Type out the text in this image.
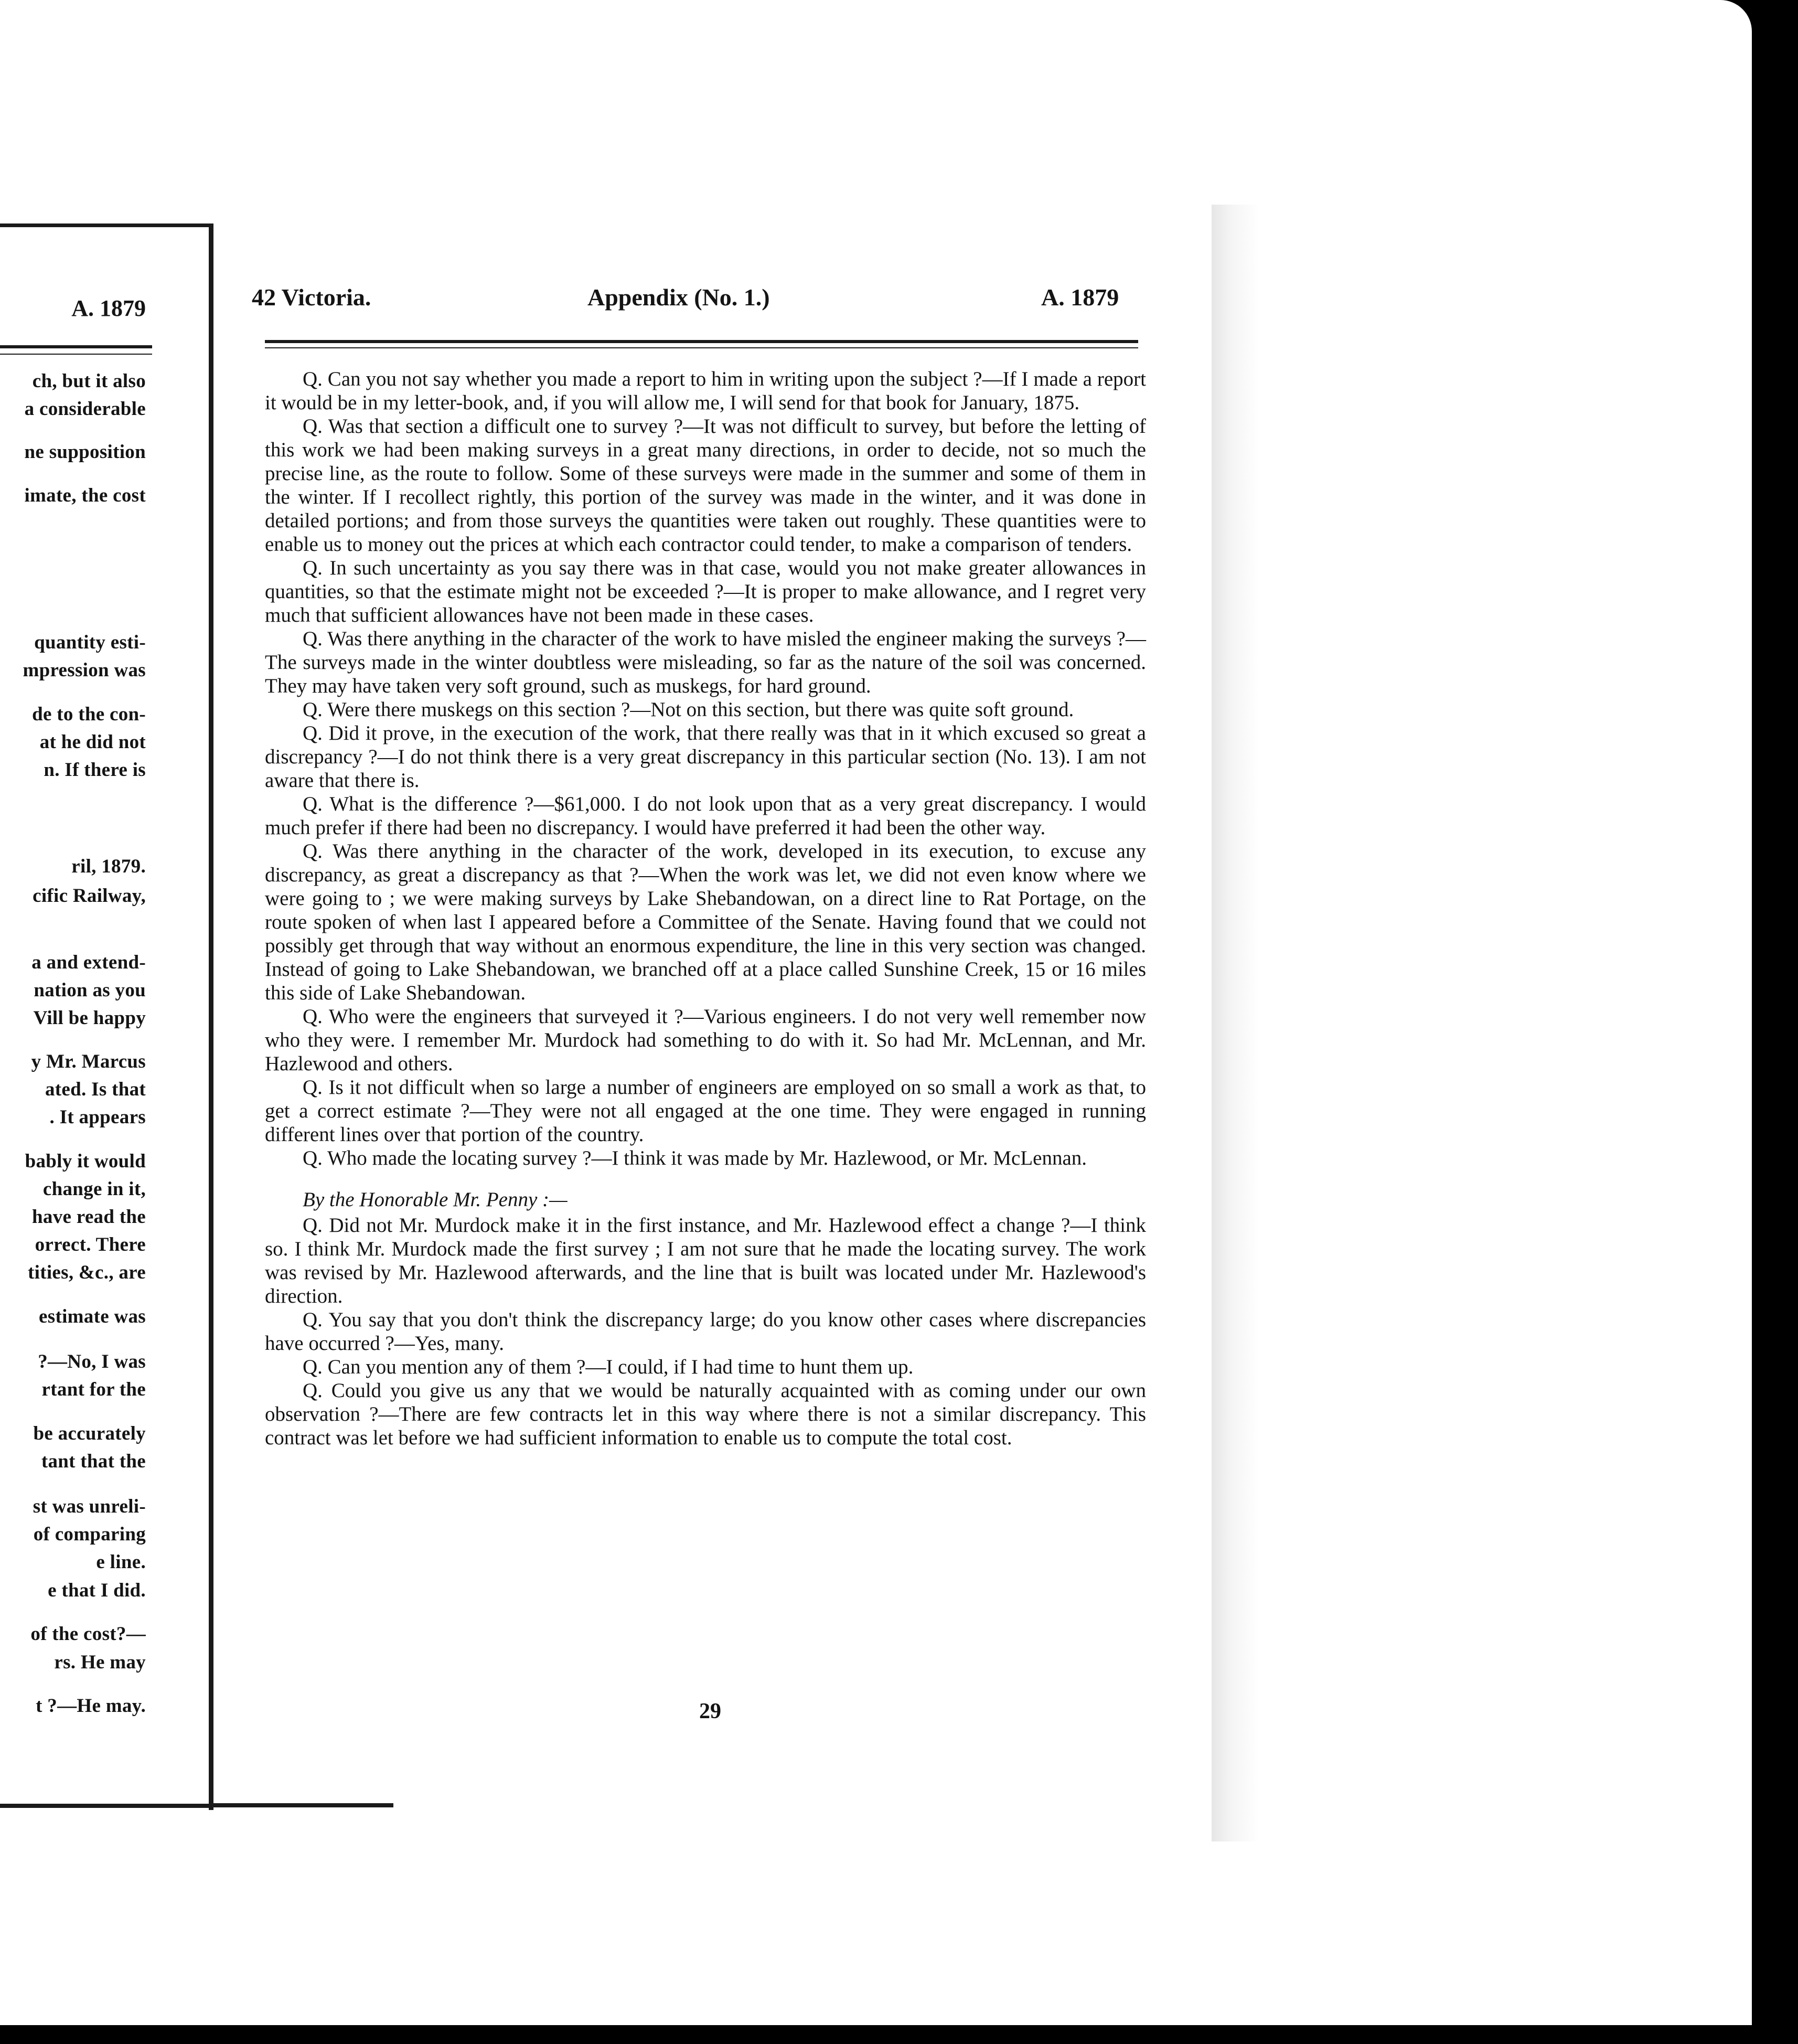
A. 1879
ch, but it also
a considerable
ne supposition
imate, the cost
quantity esti-
mpression was
de to the con-
at he did not
n. If there is
ril, 1879.
cific Railway,
a and extend-
nation as you
Vill be happy
y Mr. Marcus
ated. Is that
. It appears
bably it would
change in it,
have read the
orrect. There
tities, &c., are
estimate was
?—No, I was
rtant for the
be accurately
tant that the
st was unreli-
of comparing
e line.
e that I did.
of the cost?—
rs. He may
t ?—He may.
42 Victoria.	Appendix (No. 1.)	A. 1879

Q. Can you not say whether you made a report to him in writing upon the subject ?—If I made a report it would be in my letter-book, and, if you will allow me, I will send for that book for January, 1875.

Q. Was that section a difficult one to survey ?—It was not difficult to survey, but before the letting of this work we had been making surveys in a great many directions, in order to decide, not so much the precise line, as the route to follow. Some of these surveys were made in the summer and some of them in the winter. If I recollect rightly, this portion of the survey was made in the winter, and it was done in detailed portions; and from those surveys the quantities were taken out roughly. These quantities were to enable us to money out the prices at which each contractor could tender, to make a comparison of tenders.

Q. In such uncertainty as you say there was in that case, would you not make greater allowances in quantities, so that the estimate might not be exceeded ?—It is proper to make allowance, and I regret very much that sufficient allowances have not been made in these cases.

Q. Was there anything in the character of the work to have misled the engineer making the surveys ?—The surveys made in the winter doubtless were misleading, so far as the nature of the soil was concerned. They may have taken very soft ground, such as muskegs, for hard ground.

Q. Were there muskegs on this section ?—Not on this section, but there was quite soft ground.

Q. Did it prove, in the execution of the work, that there really was that in it which excused so great a discrepancy ?—I do not think there is a very great discrepancy in this particular section (No. 13). I am not aware that there is.

Q. What is the difference ?—$61,000. I do not look upon that as a very great discrepancy. I would much prefer if there had been no discrepancy. I would have preferred it had been the other way.

Q. Was there anything in the character of the work, developed in its execution, to excuse any discrepancy, as great a discrepancy as that ?—When the work was let, we did not even know where we were going to ; we were making surveys by Lake Shebandowan, on a direct line to Rat Portage, on the route spoken of when last I appeared before a Committee of the Senate. Having found that we could not possibly get through that way without an enormous expenditure, the line in this very section was changed. Instead of going to Lake Shebandowan, we branched off at a place called Sunshine Creek, 15 or 16 miles this side of Lake Shebandowan.

Q. Who were the engineers that surveyed it ?—Various engineers. I do not very well remember now who they were. I remember Mr. Murdock had something to do with it. So had Mr. McLennan, and Mr. Hazlewood and others.

Q. Is it not difficult when so large a number of engineers are employed on so small a work as that, to get a correct estimate ?—They were not all engaged at the one time. They were engaged in running different lines over that portion of the country.

Q. Who made the locating survey ?—I think it was made by Mr. Hazlewood, or Mr. McLennan.

By the Honorable Mr. Penny :—

Q. Did not Mr. Murdock make it in the first instance, and Mr. Hazlewood effect a change ?—I think so. I think Mr. Murdock made the first survey ; I am not sure that he made the locating survey. The work was revised by Mr. Hazlewood afterwards, and the line that is built was located under Mr. Hazlewood's direction.

Q. You say that you don't think the discrepancy large; do you know other cases where discrepancies have occurred ?—Yes, many.

Q. Can you mention any of them ?—I could, if I had time to hunt them up.

Q. Could you give us any that we would be naturally acquainted with as coming under our own observation ?—There are few contracts let in this way where there is not a similar discrepancy. This contract was let before we had sufficient information to enable us to compute the total cost.

29
